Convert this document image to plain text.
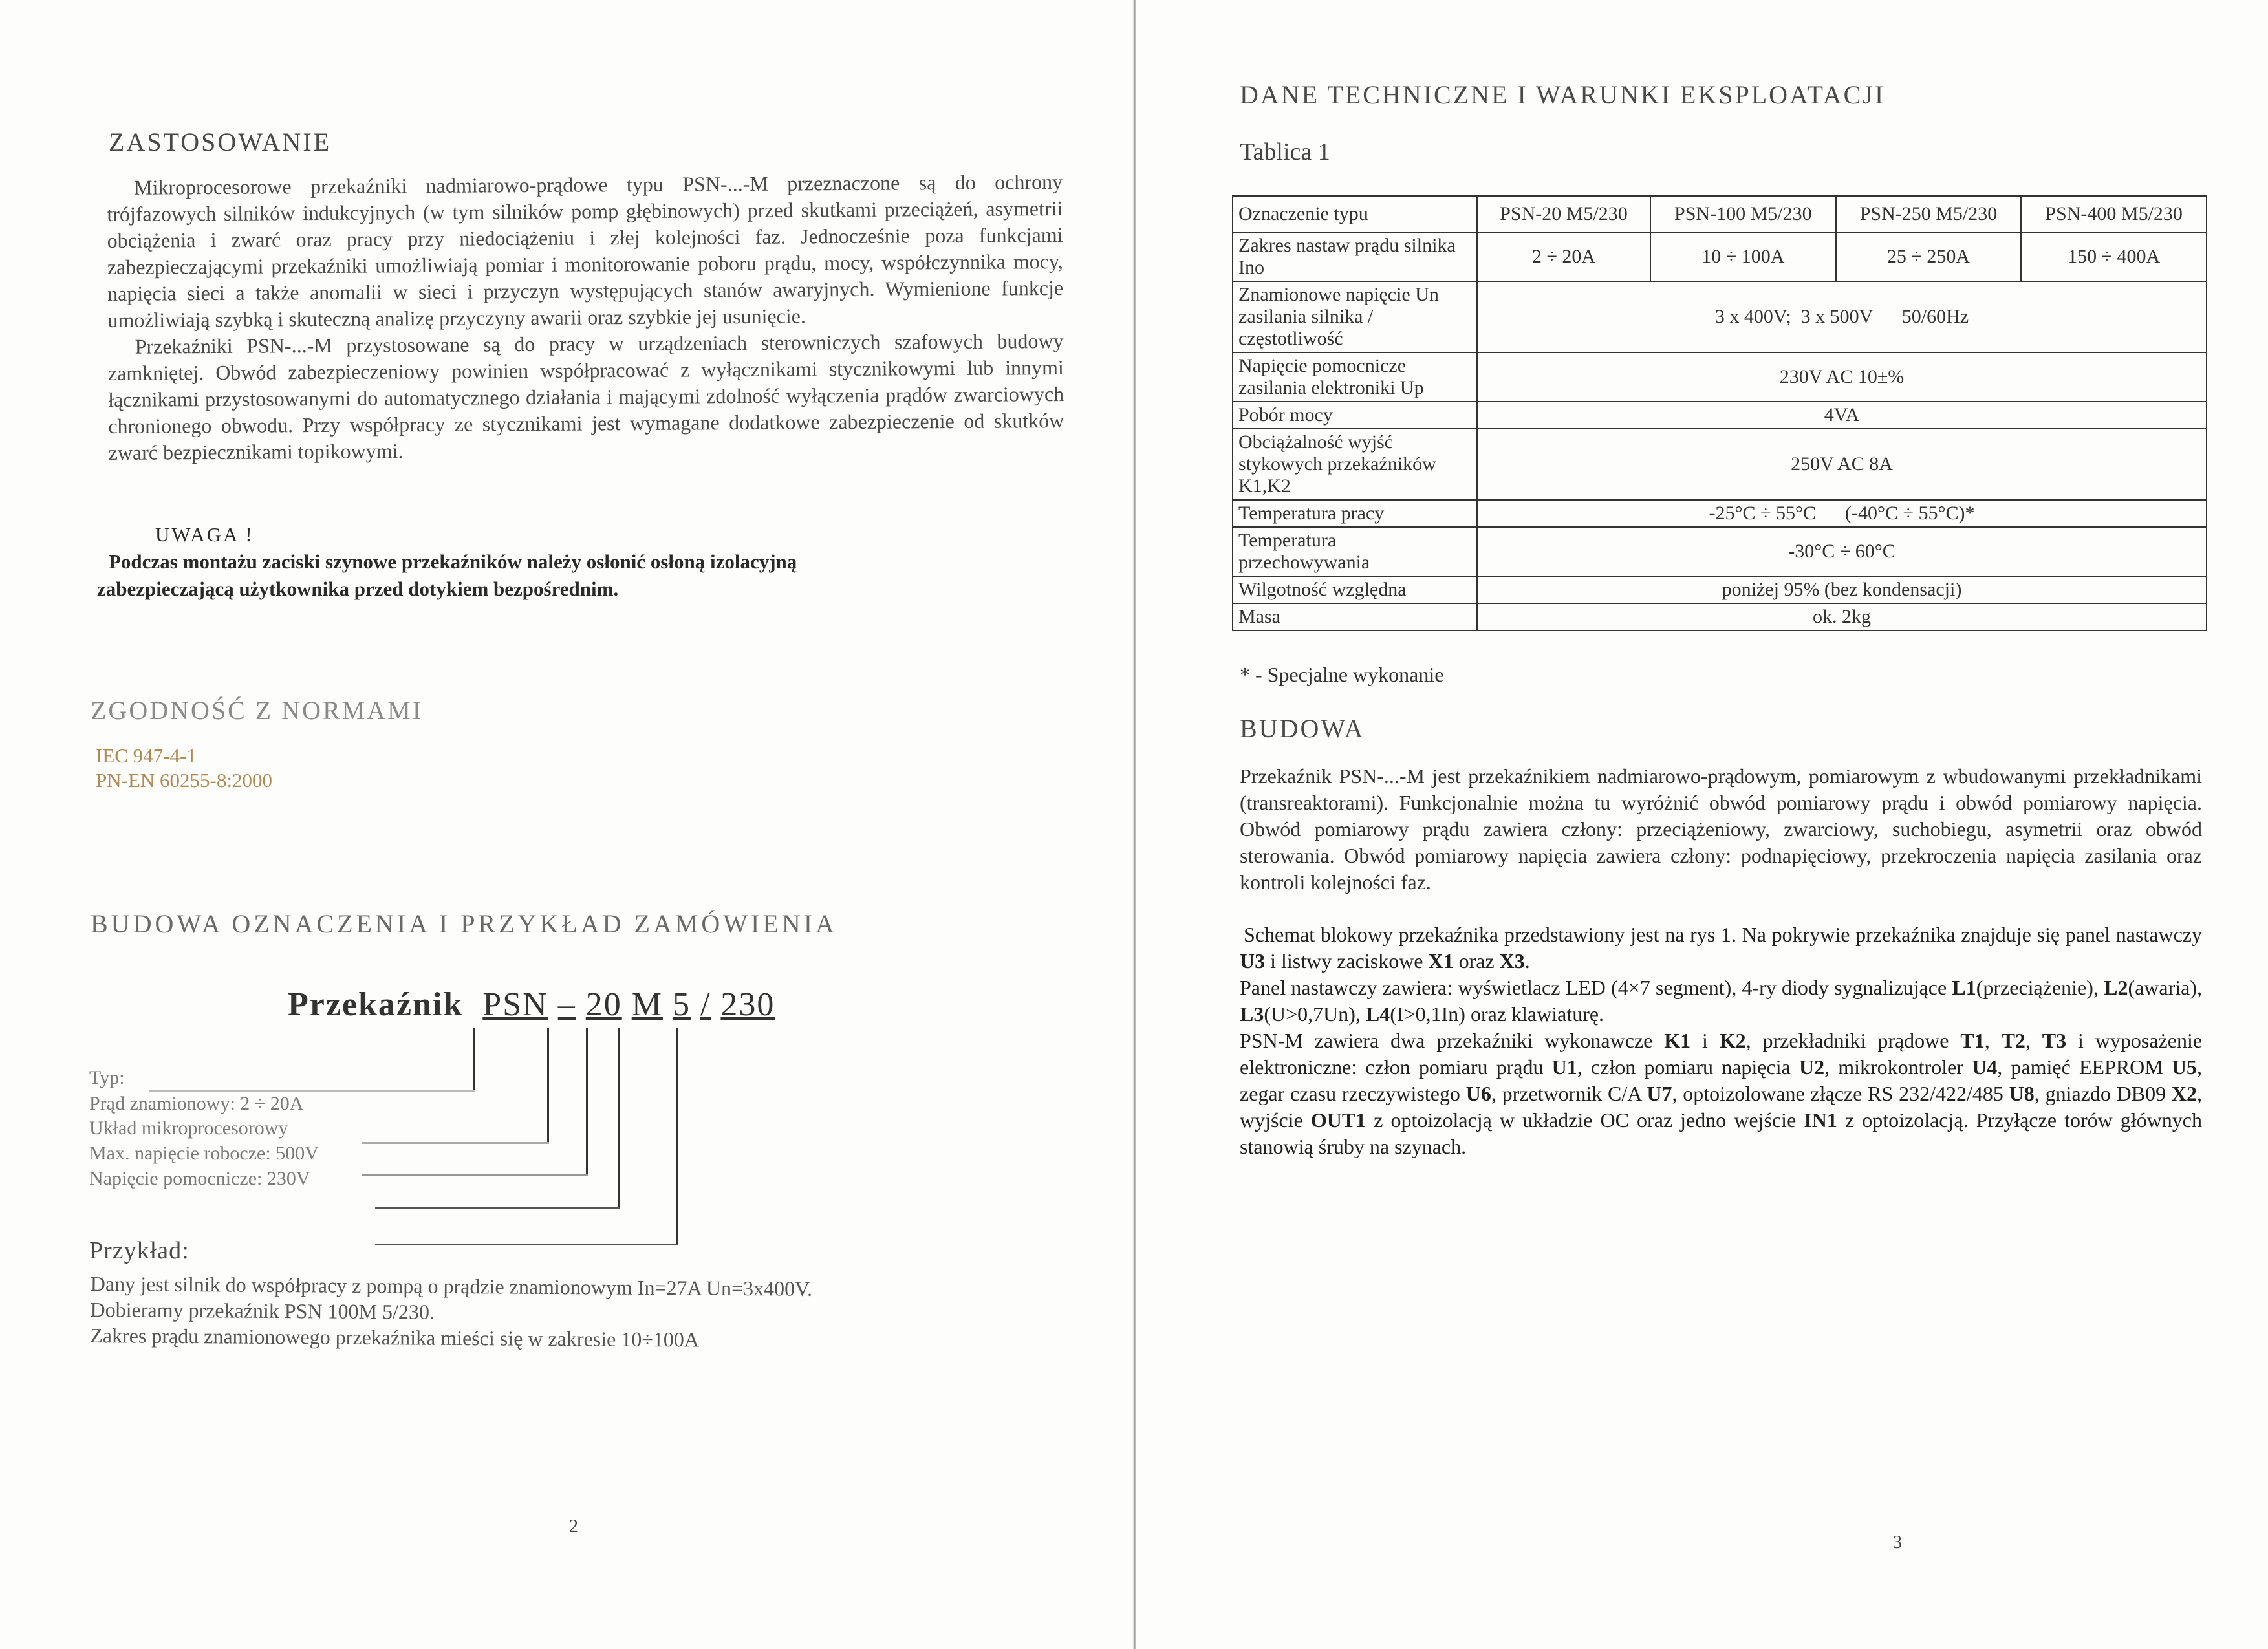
ZASTOSOWANIE

Mikroprocesorowe przekaźniki nadmiarowo-prądowe typu PSN-...-M przeznaczone są do ochrony trójfazowych silników indukcyjnych (w tym silników pomp głębinowych) przed skutkami przeciążeń, asymetrii obciążenia i zwarć oraz pracy przy niedociążeniu i złej kolejności faz. Jednocześnie poza funkcjami zabezpieczającymi przekaźniki umożliwiają pomiar i monitorowanie poboru prądu, mocy, współczynnika mocy, napięcia sieci a także anomalii w sieci i przyczyn występujących stanów awaryjnych. Wymienione funkcje umożliwiają szybką i skuteczną analizę przyczyny awarii oraz szybkie jej usunięcie.

Przekaźniki PSN-...-M przystosowane są do pracy w urządzeniach sterowniczych szafowych budowy zamkniętej. Obwód zabezpieczeniowy powinien współpracować z wyłącznikami stycznikowymi lub innymi łącznikami przystosowanymi do automatycznego działania i mającymi zdolność wyłączenia prądów zwarciowych chronionego obwodu. Przy współpracy ze stycznikami jest wymagane dodatkowe zabezpieczenie od skutków zwarć bezpiecznikami topikowymi.

UWAGA !
Podczas montażu zaciski szynowe przekaźników należy osłonić osłoną izolacyjną
zabezpieczającą użytkownika przed dotykiem bezpośrednim.
ZGODNOŚĆ Z NORMAMI
IEC 947-4-1
PN-EN 60255-8:2000
BUDOWA OZNACZENIA I PRZYKŁAD ZAMÓWIENIA
Przekaźnik PSN – 20 M 5 / 230
Typ:
Prąd znamionowy: 2 ÷ 20A
Układ mikroprocesorowy
Max. napięcie robocze: 500V
Napięcie pomocnicze: 230V
Przykład:
Dany jest silnik do współpracy z pompą o prądzie znamionowym In=27A Un=3x400V.
Dobieramy przekaźnik PSN 100M 5/230.
Zakres prądu znamionowego przekaźnika mieści się w zakresie 10÷100A
2
DANE TECHNICZNE I WARUNKI EKSPLOATACJI
Tablica 1
Oznaczenie typu	PSN-20 M5/230	PSN-100 M5/230	PSN-250 M5/230	PSN-400 M5/230
Zakres nastaw prądu silnika Ino	2 ÷ 20A	10 ÷ 100A	25 ÷ 250A	150 ÷ 400A
Znamionowe napięcie Un zasilania silnika / częstotliwość	3 x 400V;  3 x 500V      50/60Hz			
Napięcie pomocnicze zasilania elektroniki Up	230V AC 10±%			
Pobór mocy	4VA			
Obciążalność wyjść stykowych przekaźników K1,K2	250V AC 8A			
Temperatura pracy	-25°C ÷ 55°C      (-40°C ÷ 55°C)*			
Temperatura przechowywania	-30°C ÷ 60°C			
Wilgotność względna	poniżej 95% (bez kondensacji)			
Masa	ok. 2kg			
* - Specjalne wykonanie
BUDOWA

Przekaźnik PSN-...-M jest przekaźnikiem nadmiarowo-prądowym, pomiarowym z wbudowanymi przekładnikami (transreaktorami). Funkcjonalnie można tu wyróżnić obwód pomiarowy prądu i obwód pomiarowy napięcia. Obwód pomiarowy prądu zawiera człony: przeciążeniowy, zwarciowy, suchobiegu, asymetrii oraz obwód sterowania. Obwód pomiarowy napięcia zawiera człony: podnapięciowy, przekroczenia napięcia zasilania oraz kontroli kolejności faz.

Schemat blokowy przekaźnika przedstawiony jest na rys 1. Na pokrywie przekaźnika znajduje się panel nastawczy U3 i listwy zaciskowe X1 oraz X3.

Panel nastawczy zawiera: wyświetlacz LED (4×7 segment), 4-ry diody sygnalizujące L1(przeciążenie), L2(awaria), L3(U>0,7Un), L4(I>0,1In) oraz klawiaturę.

PSN-M zawiera dwa przekaźniki wykonawcze K1 i K2, przekładniki prądowe T1, T2, T3 i wyposażenie elektroniczne: człon pomiaru prądu U1, człon pomiaru napięcia U2, mikrokontroler U4, pamięć EEPROM U5, zegar czasu rzeczywistego U6, przetwornik C/A U7, optoizolowane złącze RS 232/422/485 U8, gniazdo DB09 X2, wyjście OUT1 z optoizolacją w układzie OC oraz jedno wejście IN1 z optoizolacją. Przyłącze torów głównych stanowią śruby na szynach.

3
